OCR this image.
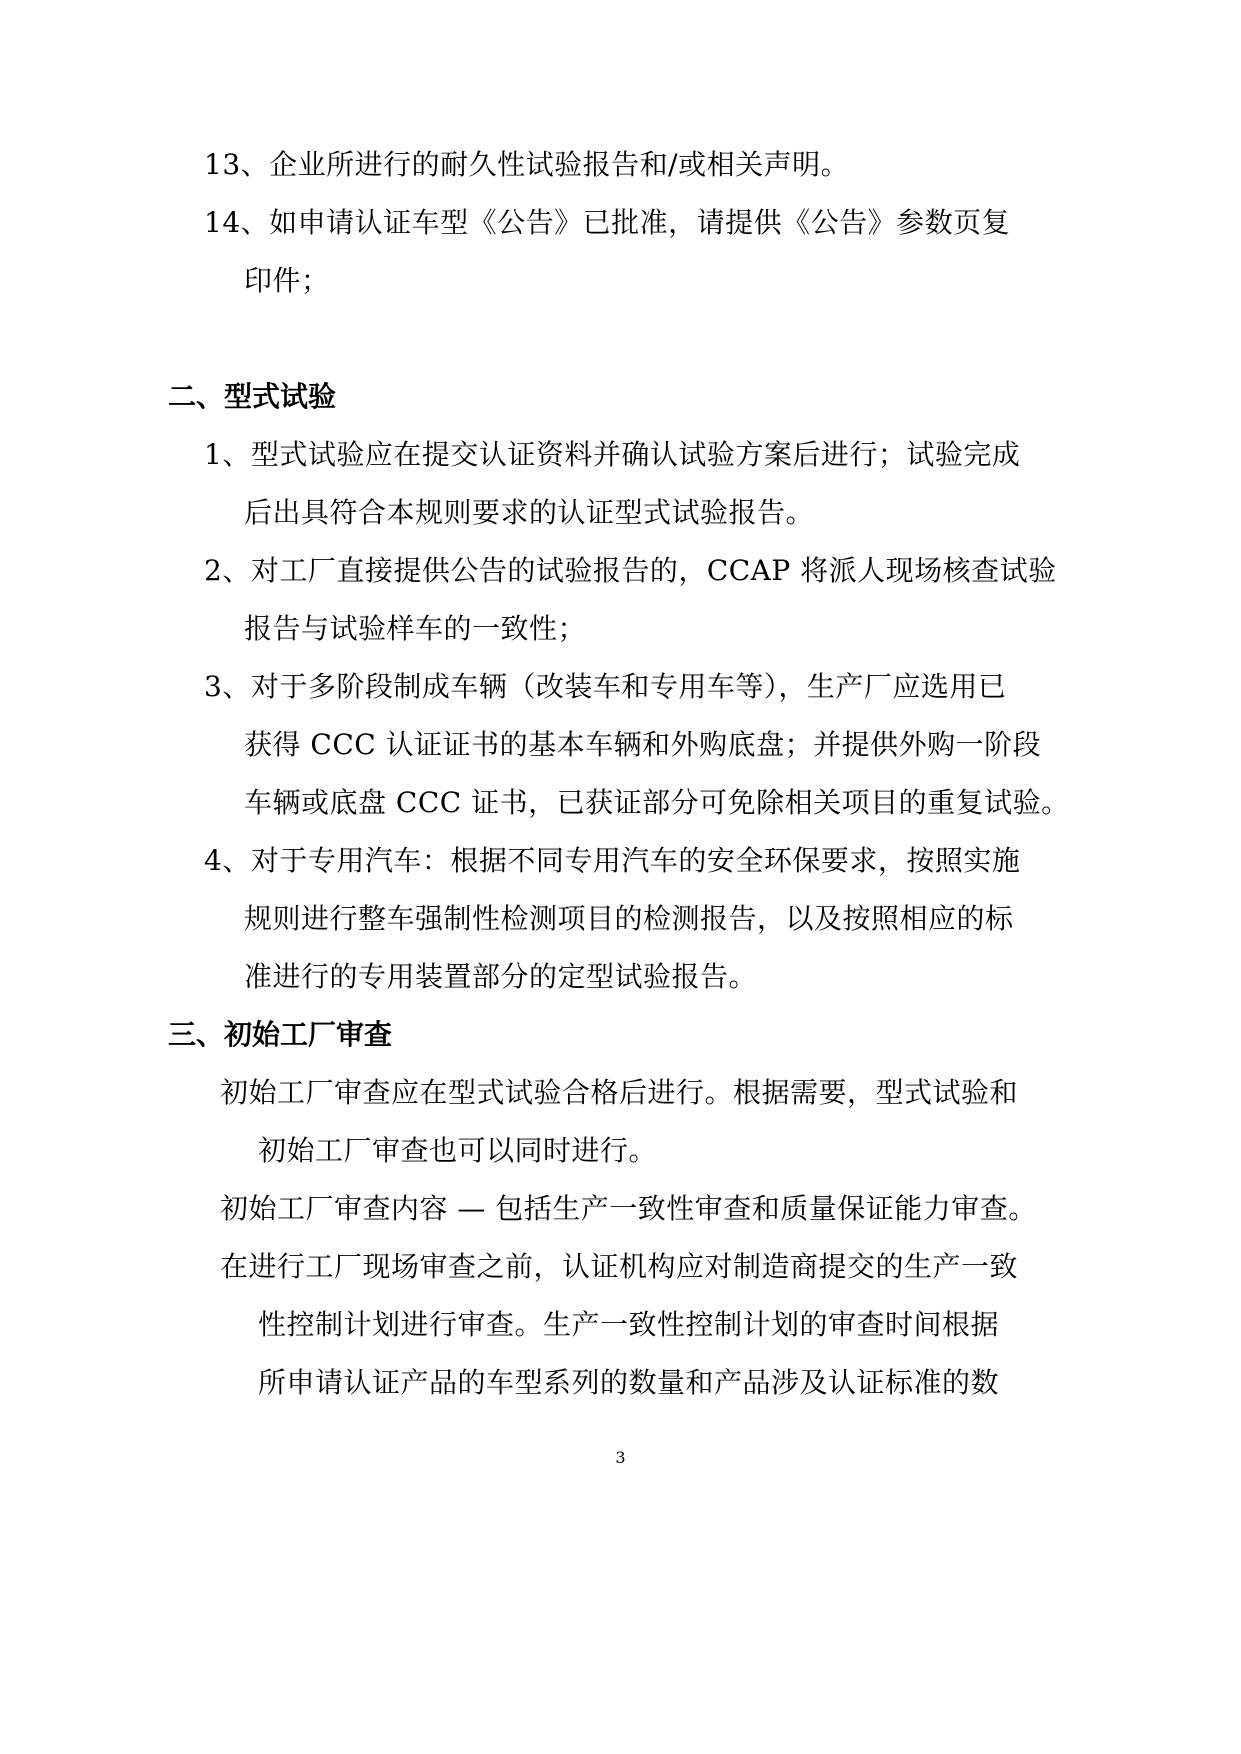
13、企业所进行的耐久性试验报告和/或相关声明。
14、如申请认证车型《公告》已批准，请提供《公告》参数页复
印件；
二、型式试验
1、型式试验应在提交认证资料并确认试验方案后进行；试验完成
后出具符合本规则要求的认证型式试验报告。
2、对工厂直接提供公告的试验报告的，CCAP 将派人现场核查试验
报告与试验样车的一致性；
3、对于多阶段制成车辆（改装车和专用车等），生产厂应选用已
获得 CCC 认证证书的基本车辆和外购底盘；并提供外购一阶段
车辆或底盘 CCC 证书，已获证部分可免除相关项目的重复试验。
4、对于专用汽车：根据不同专用汽车的安全环保要求，按照实施
规则进行整车强制性检测项目的检测报告，以及按照相应的标
准进行的专用装置部分的定型试验报告。
三、初始工厂审查
初始工厂审查应在型式试验合格后进行。根据需要，型式试验和
初始工厂审查也可以同时进行。
初始工厂审查内容 — 包括生产一致性审查和质量保证能力审查。
在进行工厂现场审查之前，认证机构应对制造商提交的生产一致
性控制计划进行审查。生产一致性控制计划的审查时间根据
所申请认证产品的车型系列的数量和产品涉及认证标准的数
3
